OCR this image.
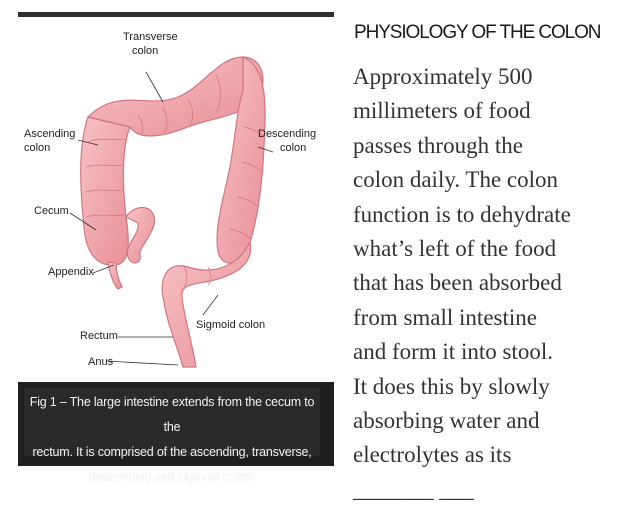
Transverse
colon
Ascending
colon
Descending
colon
Cecum
Appendix
Sigmoid colon
Rectum
Anus
Fig 1 – The large intestine extends from the cecum to the
rectum. It is comprised of the ascending, transverse,
descending and sigmoid colon.
PHYSIOLOGY OF THE COLON
Approximately 500
millimeters of food
passes through the
colon daily. The colon
function is to dehydrate
what’s left of the food
that has been absorbed
from small intestine
and form it into stool.
It does this by slowly
absorbing water and
electrolytes as its
_______ ___
